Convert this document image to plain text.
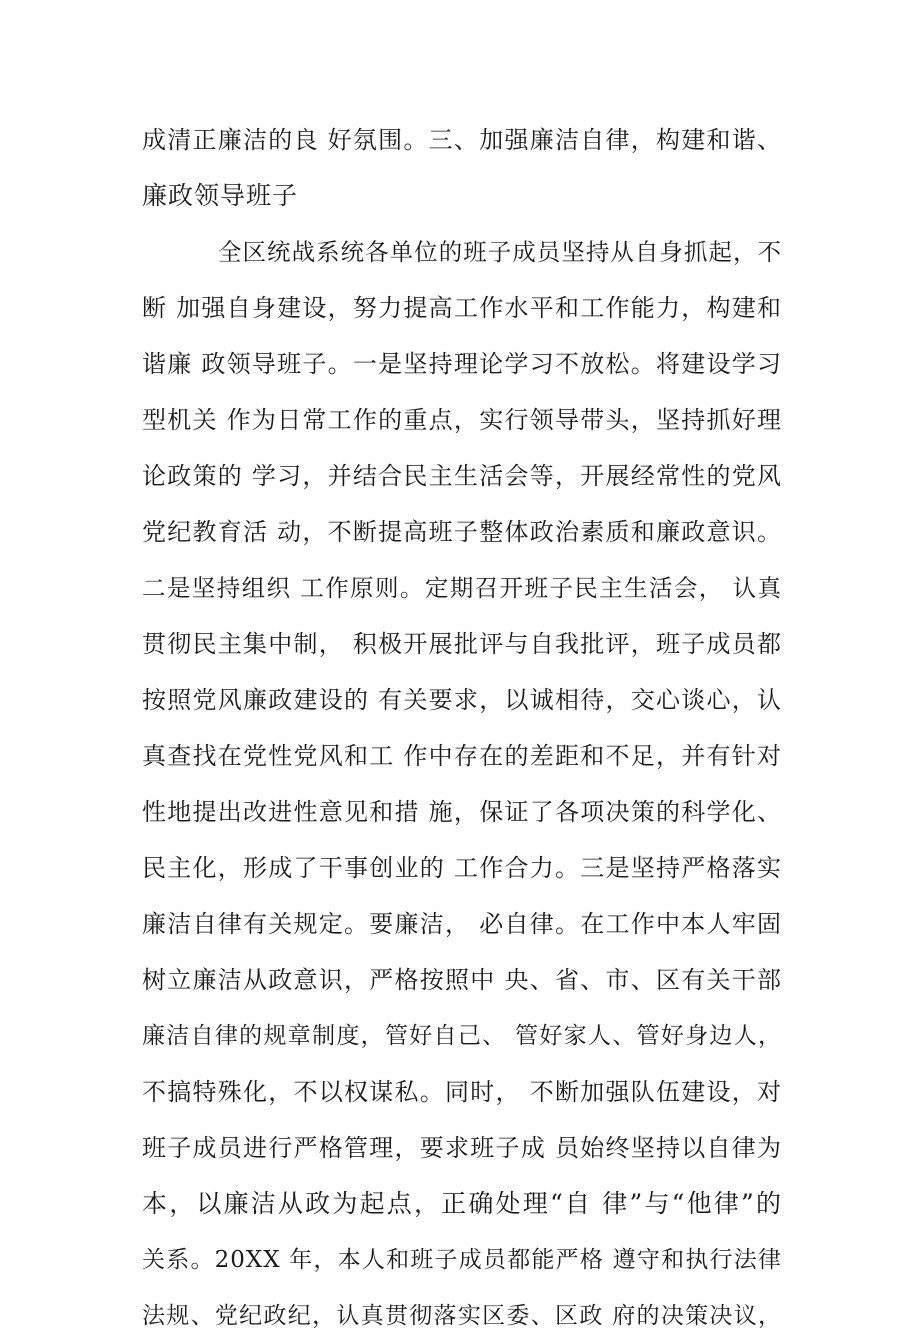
成清正廉洁的良 好氛围。三、加强廉洁自律，构建和谐、
廉政领导班子
全区统战系统各单位的班子成员坚持从自身抓起，不
断 加强自身建设，努力提高工作水平和工作能力，构建和
谐廉 政领导班子。一是坚持理论学习不放松。将建设学习
型机关 作为日常工作的重点，实行领导带头，坚持抓好理
论政策的 学习，并结合民主生活会等，开展经常性的党风
党纪教育活 动，不断提高班子整体政治素质和廉政意识。
二是坚持组织 工作原则。定期召开班子民主生活会， 认真
贯彻民主集中制， 积极开展批评与自我批评，班子成员都
按照党风廉政建设的 有关要求，以诚相待，交心谈心，认
真查找在党性党风和工 作中存在的差距和不足，并有针对
性地提出改进性意见和措 施，保证了各项决策的科学化、
民主化，形成了干事创业的 工作合力。三是坚持严格落实
廉洁自律有关规定。要廉洁， 必自律。在工作中本人牢固
树立廉洁从政意识，严格按照中 央、省、市、区有关干部
廉洁自律的规章制度，管好自己、 管好家人、管好身边人，
不搞特殊化，不以权谋私。同时， 不断加强队伍建设，对
班子成员进行严格管理，要求班子成 员始终坚持以自律为
本，以廉洁从政为起点，正确处理“自 律”与“他律”的
关系。20XX 年，本人和班子成员都能严格 遵守和执行法律
法规、党纪政纪，认真贯彻落实区委、区政 府的决策决议，
